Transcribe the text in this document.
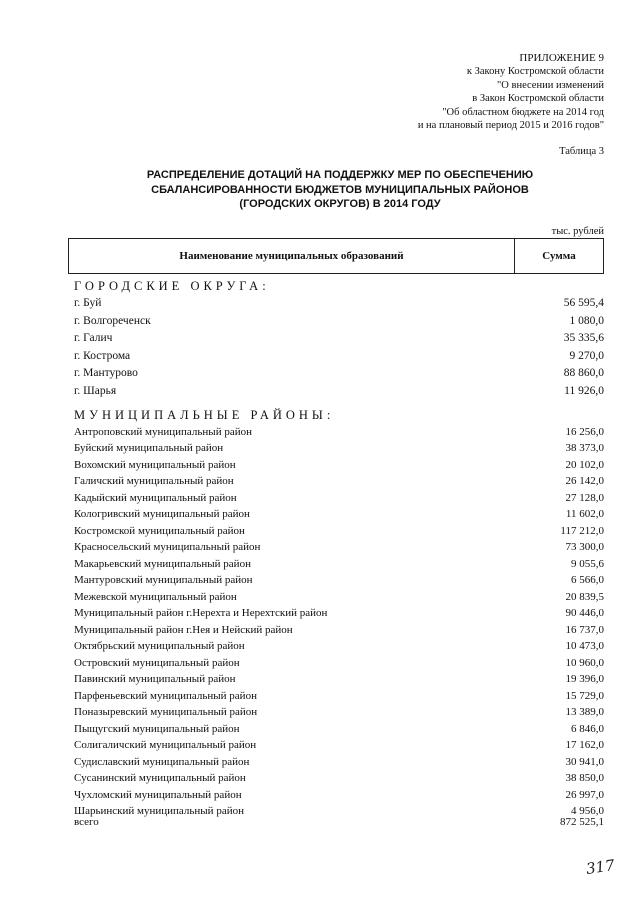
ПРИЛОЖЕНИЕ 9
к Закону Костромской области
"О внесении изменений
в Закон Костромской области
"Об областном бюджете на 2014 год
и на плановый период 2015 и 2016 годов"
Таблица 3
РАСПРЕДЕЛЕНИЕ ДОТАЦИЙ НА ПОДДЕРЖКУ МЕР ПО ОБЕСПЕЧЕНИЮ
СБАЛАНСИРОВАННОСТИ БЮДЖЕТОВ МУНИЦИПАЛЬНЫХ РАЙОНОВ
(ГОРОДСКИХ ОКРУГОВ) В 2014 ГОДУ
тыс. рублей
Наименование муниципальных образований	Сумма
ГОРОДСКИЕ ОКРУГА:
г. Буй	56 595,4
г. Волгореченск	1 080,0
г. Галич	35 335,6
г. Кострома	9 270,0
г. Мантурово	88 860,0
г. Шарья	11 926,0
МУНИЦИПАЛЬНЫЕ РАЙОНЫ:
Антроповский муниципальный район	16 256,0
Буйский муниципальный район	38 373,0
Вохомский муниципальный район	20 102,0
Галичский муниципальный район	26 142,0
Кадыйский муниципальный район	27 128,0
Кологривский муниципальный район	11 602,0
Костромской муниципальный район	117 212,0
Красносельский муниципальный район	73 300,0
Макарьевский муниципальный район	9 055,6
Мантуровский муниципальный район	6 566,0
Межевской муниципальный район	20 839,5
Муниципальный район г.Нерехта и Нерехтский район	90 446,0
Муниципальный район г.Нея и Нейский район	16 737,0
Октябрьский муниципальный район	10 473,0
Островский муниципальный район	10 960,0
Павинский муниципальный район	19 396,0
Парфеньевский муниципальный район	15 729,0
Поназыревский муниципальный район	13 389,0
Пыщугский муниципальный район	6 846,0
Солигаличский муниципальный район	17 162,0
Судиславский муниципальный район	30 941,0
Сусанинский муниципальный район	38 850,0
Чухломский муниципальный район	26 997,0
Шарьинский муниципальный район	4 956,0
всего	872 525,1
317
